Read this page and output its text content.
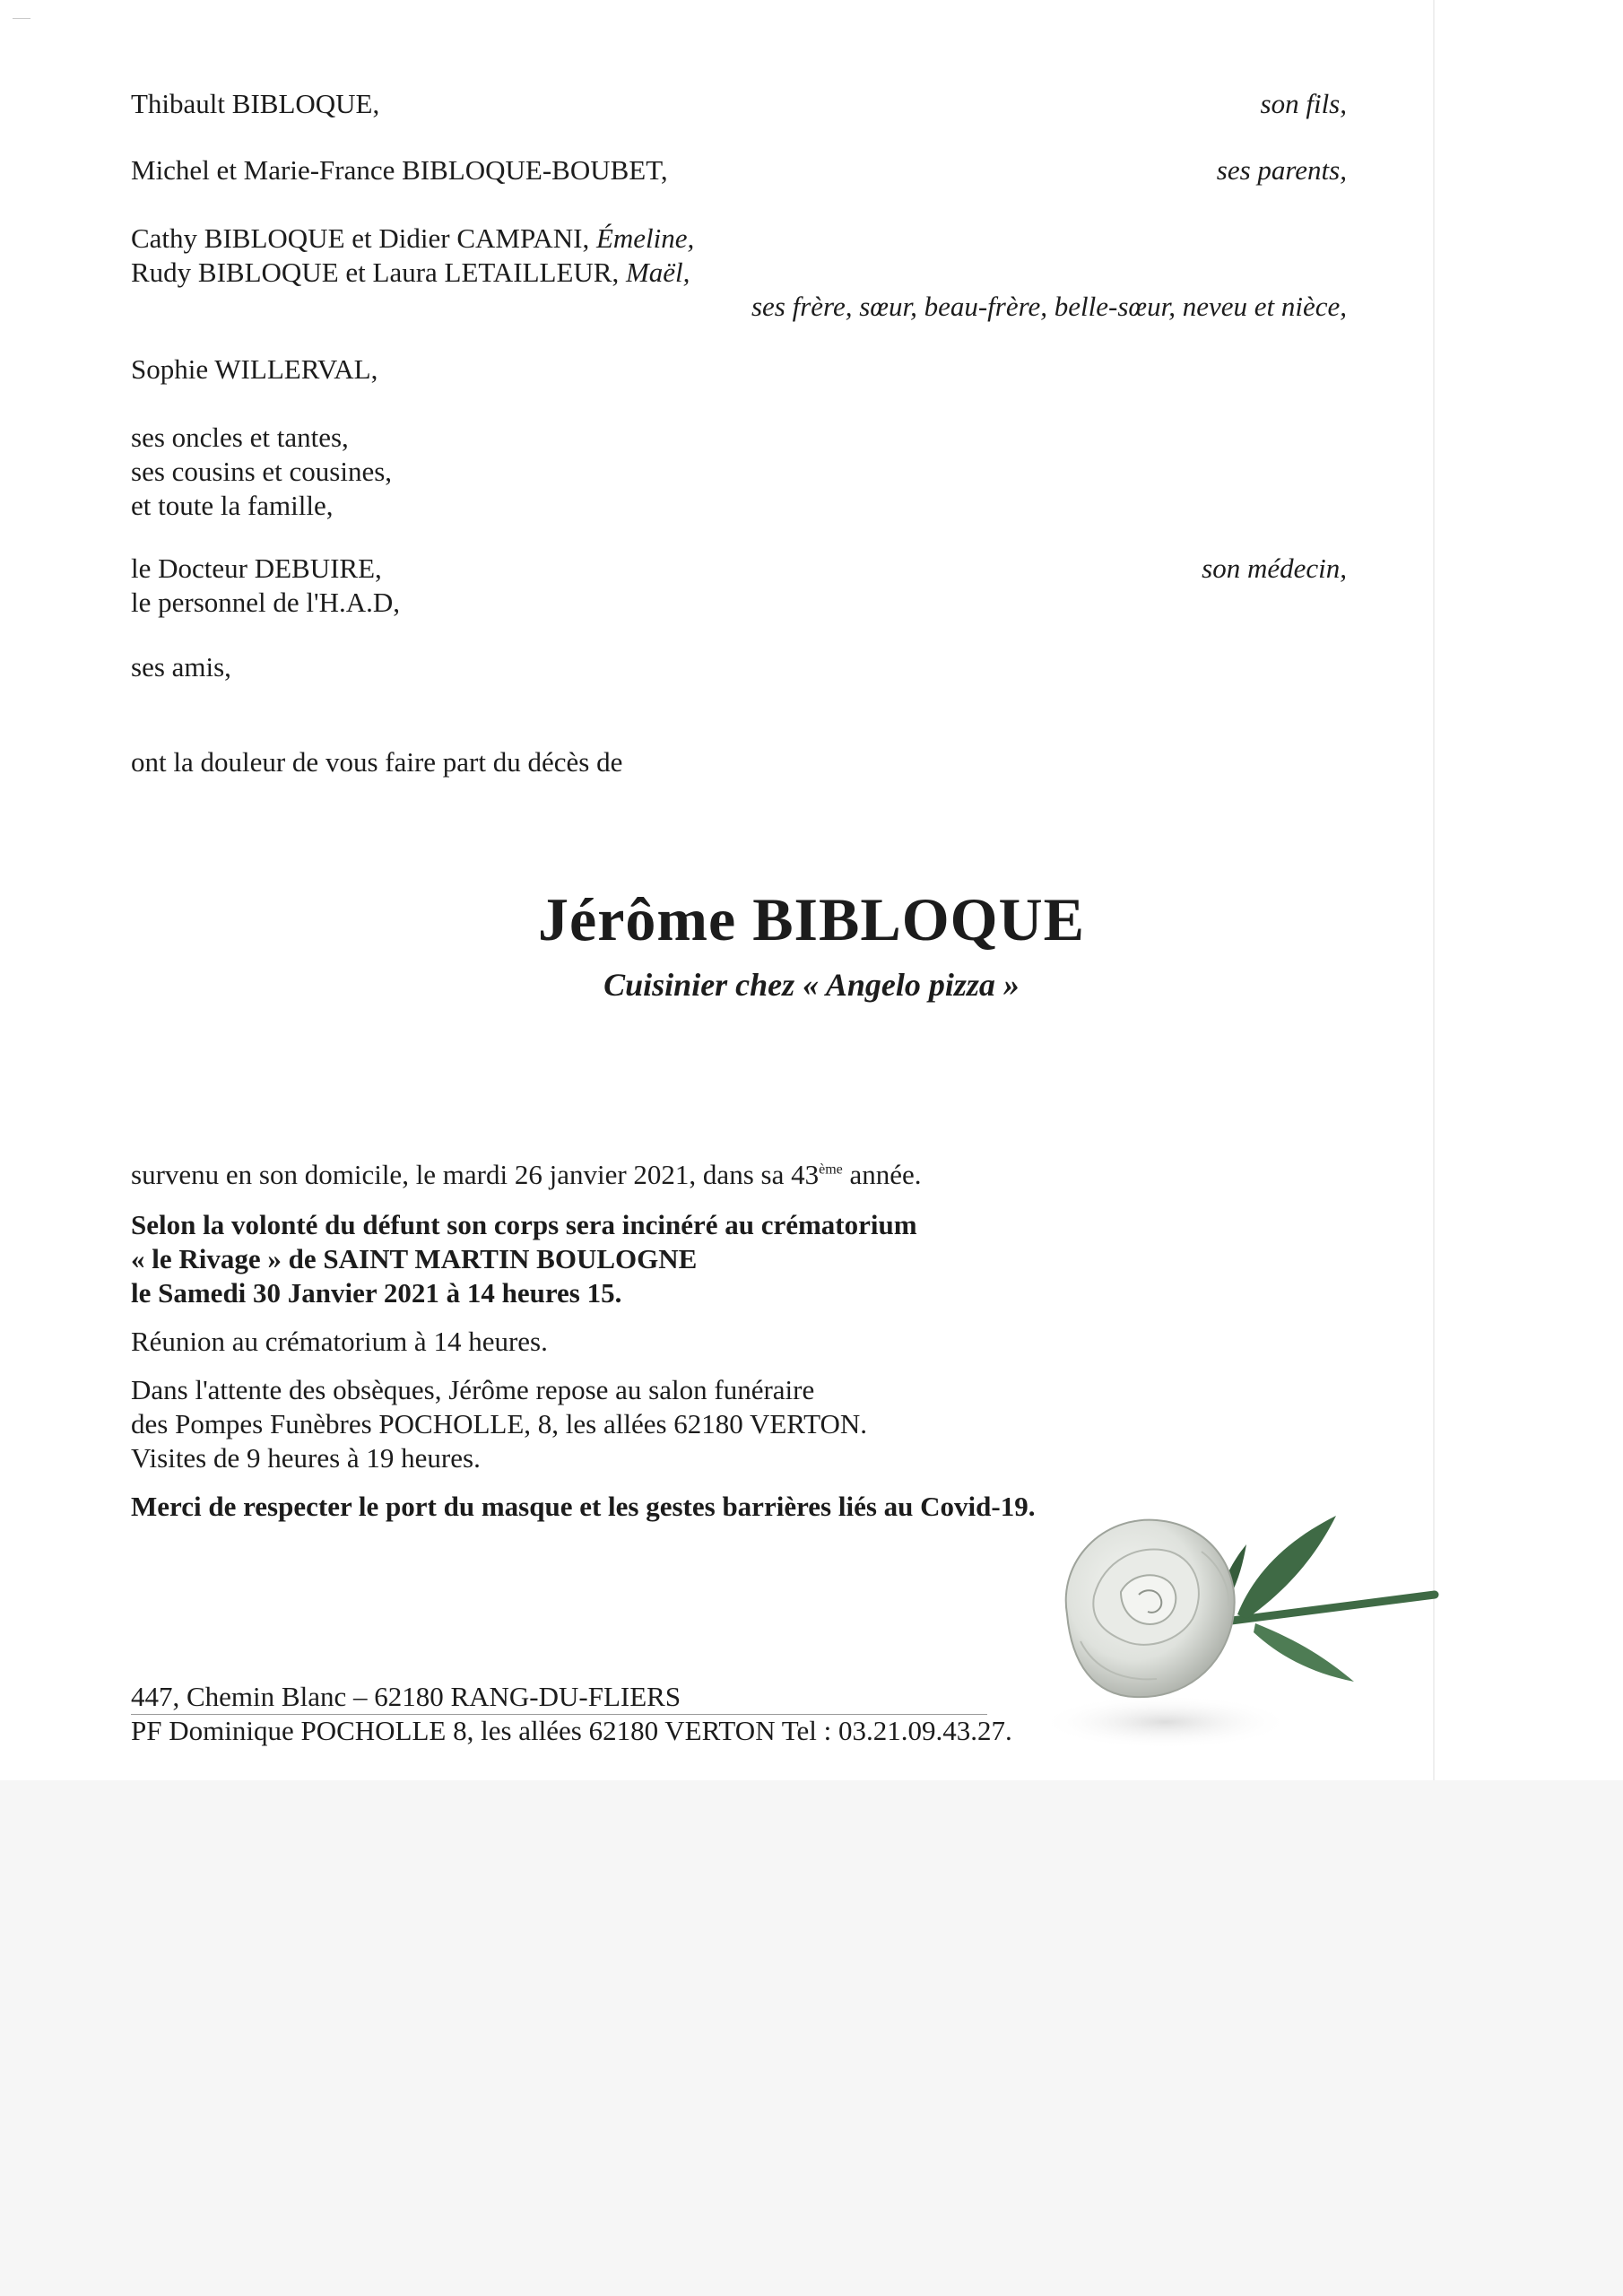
Thibault BIBLOQUE,	son fils,
Michel et Marie-France BIBLOQUE-BOUBET,	ses parents,
Cathy BIBLOQUE et Didier CAMPANI, Émeline,
Rudy BIBLOQUE et Laura LETAILLEUR, Maël,
ses frère, sœur, beau-frère, belle-sœur, neveu et nièce,
Sophie WILLERVAL,
ses oncles et tantes,
ses cousins et cousines,
et toute la famille,
le Docteur DEBUIRE,	son médecin,
le personnel de l'H.A.D,
ses amis,
ont la douleur de vous faire part du décès de
Jérôme BIBLOQUE
Cuisinier chez « Angelo pizza »
survenu en son domicile, le mardi 26 janvier 2021, dans sa 43ème année.
Selon la volonté du défunt son corps sera incinéré au crématorium
« le Rivage » de SAINT MARTIN BOULOGNE
le Samedi 30 Janvier 2021 à 14 heures 15.
Réunion au crématorium à 14 heures.
Dans l'attente des obsèques, Jérôme repose au salon funéraire
des Pompes Funèbres POCHOLLE, 8, les allées 62180 VERTON.
Visites de 9 heures à 19 heures.
Merci de respecter le port du masque et les gestes barrières liés au Covid-19.
447, Chemin Blanc – 62180 RANG-DU-FLIERS
PF Dominique POCHOLLE 8, les allées 62180 VERTON Tel : 03.21.09.43.27.
